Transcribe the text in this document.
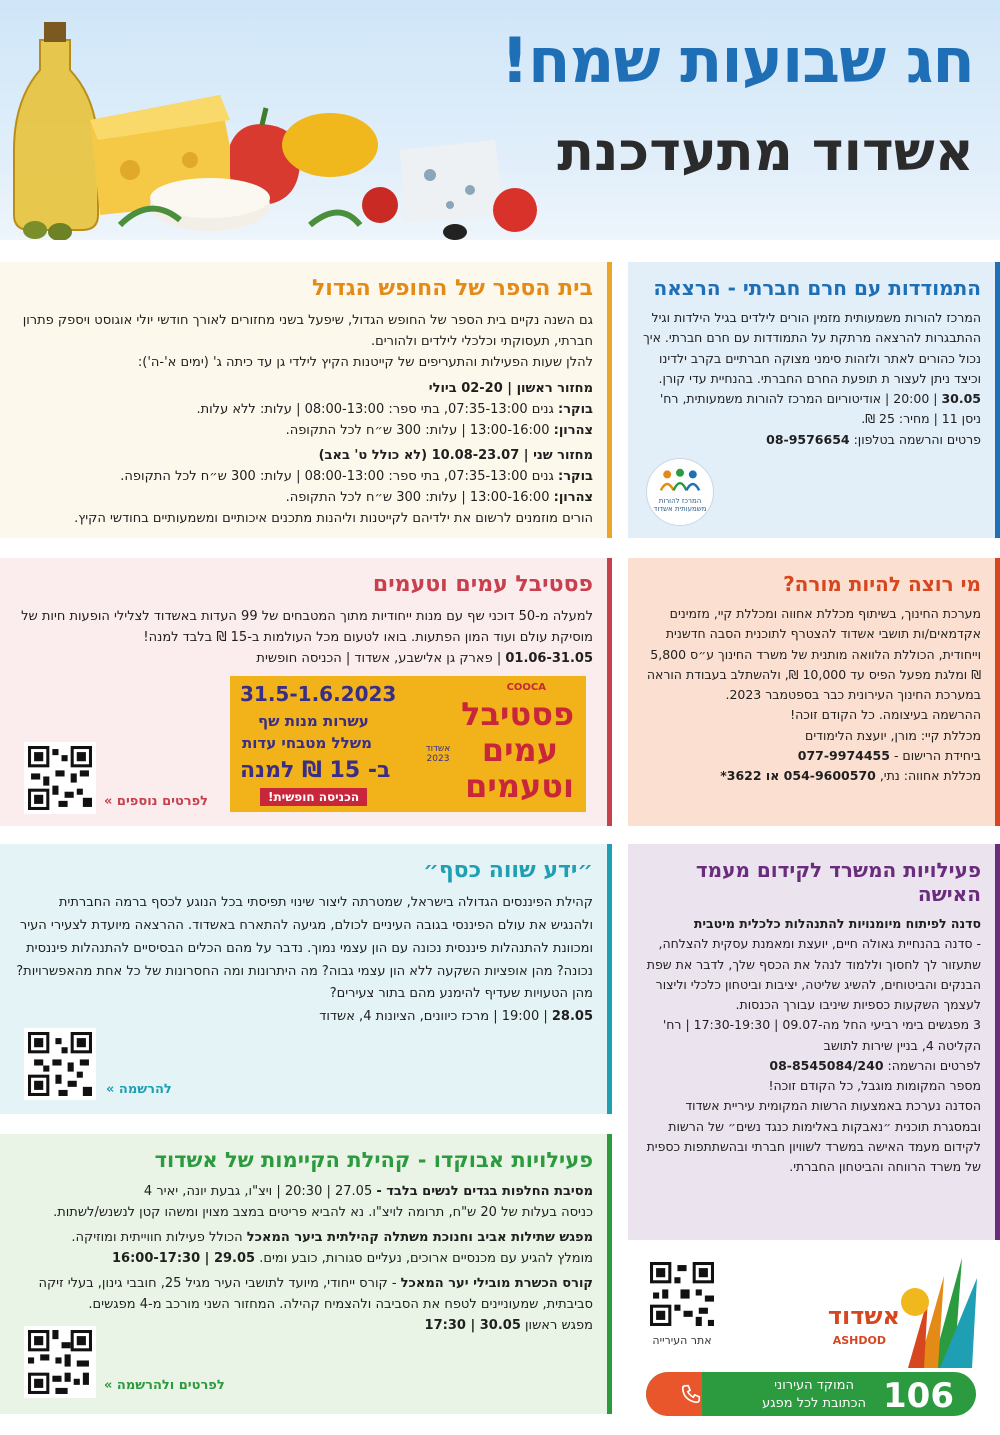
חג שבועות שמח!
אשדוד מתעדכנת
בית הספר של החופש הגדול

גם השנה נקיים בית הספר של החופש הגדול, שיפעל בשני מחזורים לאורך חודשי יולי אוגוסט ויספק פתרון חברתי, תעסוקתי וכלכלי לילדים ולהורים.

להלן שעות הפעילות והתעריפים של קייטנות הקיץ לילדי גן עד כיתה ג' (ימים א'-ה'):

מחזור ראשון | 02-20 ביולי

בוקר: גנים 07:35-13:00, בתי ספר: 08:00-13:00 | עלות: ללא עלות.

צהרון: 13:00-16:00 | עלות: 300 ש״ח לכל התקופה.

מחזור שני | 10.08-23.07 (לא כולל ט' באב)

בוקר: גנים 07:35-13:00, בתי ספר: 08:00-13:00 | עלות: 300 ש״ח לכל התקופה.

צהרון: 13:00-16:00 | עלות: 300 ש״ח לכל התקופה.

הורים מוזמנים לרשום את ילדיהם לקייטנות וליהנות מתכנים איכותיים ומשמעותיים בחודשי הקיץ.

התמודדות עם חרם חברתי - הרצאה

המרכז להורות משמעותית מזמין הורים לילדים בגיל הילדות וגיל ההתבגרות להרצאה מרתקת על התמודדות עם חרם חברתי. איך נכול כהורים לאתר ולזהות סימני מצוקה חברתיים בקרב ילדינו וכיצד ניתן לעצור ת תופעת החרם החברתי. בהנחיית עדי קורן.

30.05 | 20:00 | אודיטוריום המרכז להורות משמעותית, רח' ניסן 11 | מחיר: 25 ₪.

פרטים והרשמה בטלפון: 08-9576654

המרכז להורות משמעותית אשדוד
פסטיבל עמים וטעמים

למעלה מ-50 דוכני שף עם מנות ייחודיות מתוך המטבחים של 99 העדות באשדוד לצלילי הופעות חיות של מוסיקת עולם ועוד המון הפתעות. בואו לטעום מכל העולמות ב-15 ₪ בלבד למנה!

01.06-31.05 | פארק גן אלישבע, אשדוד | הכניסה חופשית

31.5-1.6.2023
עשרות מנות שף
משלל מטבחי עדות
ב- 15 ₪ למנה
הכניסה חופשית!
COOCA
פסטיבל
עמים
וטעמים
אשדוד 2023
לפרטים נוספים »
מי רוצה להיות מורה?

מערכת החינוך, בשיתוף מכללת אחווה ומכללת קיי, מזמינים אקדמאים/ות תושבי אשדוד להצטרף לתוכנית הסבה חדשנית וייחודית, הכוללת הלוואה מותנית של משרד החינוך ע״ס 5,800 ₪ ומלגת מפעל הפיס עד 10,000 ₪, ולהשתלב בעבודת הוראה במערכת החינוך העירונית כבר בספטמבר 2023.

ההרשמה בעיצומה. כל הקודם זוכה!

מכללת קיי: מורן, יועצת הלימודים

ביחידת הרישום - 077-9974455

מכללת אחווה: נתי, 054-9600570 או 3622*

״ידע שווה כסף״

קהילת הפיננסים הגדולה בישראל, שמטרתה ליצור שינוי תפיסתי בכל הנוגע לכסף ברמה החברתית ולהנגיש את עולם הפיננסי בגובה העיניים לכולם, מגיעה להתארח באשדוד. ההרצאה מיועדת לצעירי העיר ומכוונת להתנהלות פיננסית נכונה עם הון עצמי נמוך. נדבר על מהם הכלים הבסיסיים להתנהלות פיננסית נכונה? מהן אופציות השקעה ללא הון עצמי גבוה? מה היתרונות ומה החסרונות של כל אחת מהאפשרויות? מהן הטעויות שעדיף להימנע מהם בתור צעירים?

28.05 | 19:00 | מרכז כיוונים, הציונות 4, אשדוד

להרשמה »
פעילויות המשרד לקידום מעמד האישה

סדנה לפיתוח מיומנויות להתנהלות כלכלית מיטבית

- סדנה בהנחיית גאולה חיים, יועצת ומאמנת עסקית להצלחה, שתעזור לך לחסוך וללמוד לנהל את הכסף שלך, לדבר את שפת הבנקים והביטוחים, להשיג שליטה, יציבות וביטחון כלכלי וליצור לעצמך השקעות כספיות שיניבו עבורך הכנסות.

3 מפגשים בימי רביעי החל מה-09.07 | 17:30-19:30 | רח' הקליטה 4, בניין שירות לתושב

לפרטים והרשמה: 08-8545084/240

מספר המקומות מוגבל, כל הקודם זוכה!

הסדנה נערכת באמצעות הרשות המקומית עיריית אשדוד ובמסגרת תוכנית ״נאבקות באלימות כנגד נשים״ של הרשות לקידום מעמד האישה במשרד לשוויון חברתי ובהשתתפות כספית של משרד הרווחה והביטחון החברתי.

פעילויות אבוקדו - קהילת הקיימות של אשדוד

מסיבת החלפות בגדים לנשים בלבד - 27.05 | 20:30 | ויצ"ו, גבעת יונה, יאיר 4

כניסה בעלות של 20 ש"ח, תרומה לויצ"ו. נא להביא פריטים במצב מצוין ומשהו קטן לנשנש/לשתות.

מפגש שתילות אביב וחנוכת משתלה קהילתית ביער המאכל הכולל פעילות חווייתית ומוזיקה.

מומלץ להגיע עם מכנסיים ארוכים, נעליים סגורות, כובע ומים. 29.05 | 16:00-17:30

קורס הכשרת מובילי יער המאכל - קורס ייחודי, מיועד לתושבי העיר מגיל 25, חובבי גינון, בעלי זיקה סביבתית, שמעוניינים לטפח את הסביבה ולהצמיח קהילה. המחזור השני מורכב מ-4 מפגשים.

מפגש ראשון 30.05 | 17:30

לפרטים ולהרשמה »
אתר העירייה
אשדוד
ASHDOD
106
המוקד העירוני
הכתובת לכל מפגע
